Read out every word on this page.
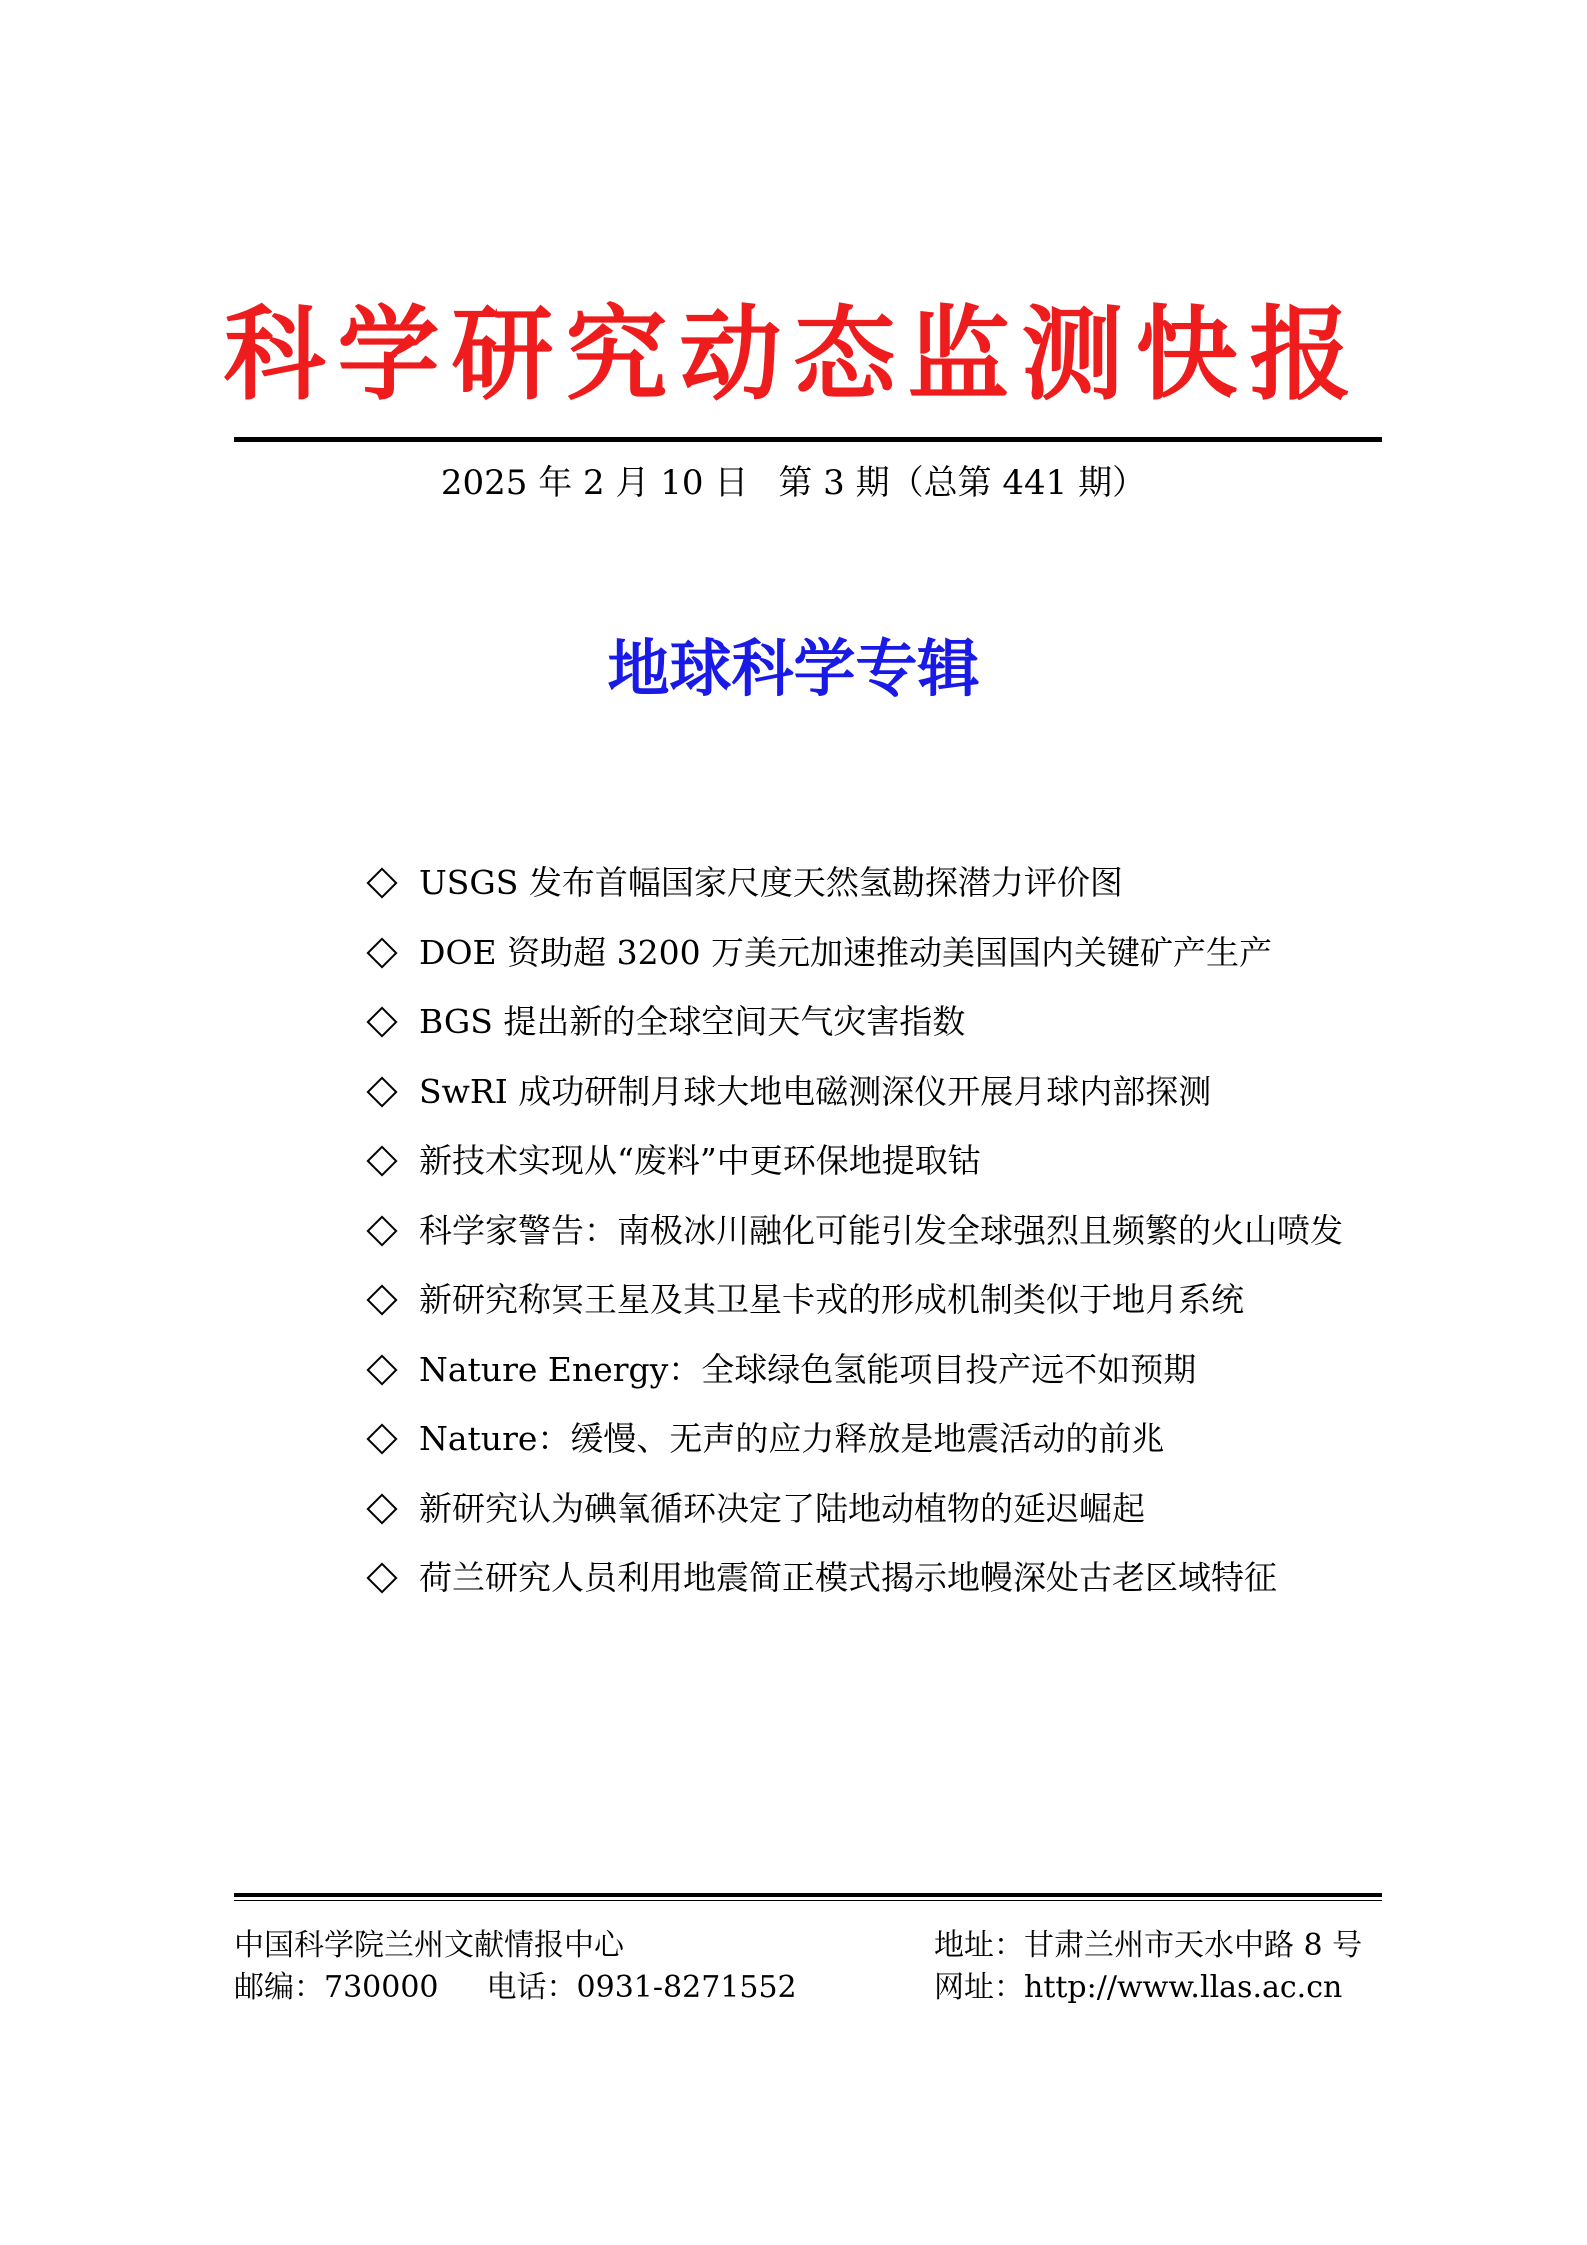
科学研究动态监测快报
2025 年 2 月 10 日 第 3 期（总第 441 期）
地球科学专辑
USGS 发布首幅国家尺度天然氢勘探潜力评价图
DOE 资助超 3200 万美元加速推动美国国内关键矿产生产
BGS 提出新的全球空间天气灾害指数
SwRI 成功研制月球大地电磁测深仪开展月球内部探测
新技术实现从“废料”中更环保地提取钴
科学家警告：南极冰川融化可能引发全球强烈且频繁的火山喷发
新研究称冥王星及其卫星卡戎的形成机制类似于地月系统
Nature Energy：全球绿色氢能项目投产远不如预期
Nature：缓慢、无声的应力释放是地震活动的前兆
新研究认为碘氧循环决定了陆地动植物的延迟崛起
荷兰研究人员利用地震简正模式揭示地幔深处古老区域特征
中国科学院兰州文献情报中心
邮编：730000 电话：0931-8271552
地址：甘肃兰州市天水中路 8 号
网址：http://www.llas.ac.cn
